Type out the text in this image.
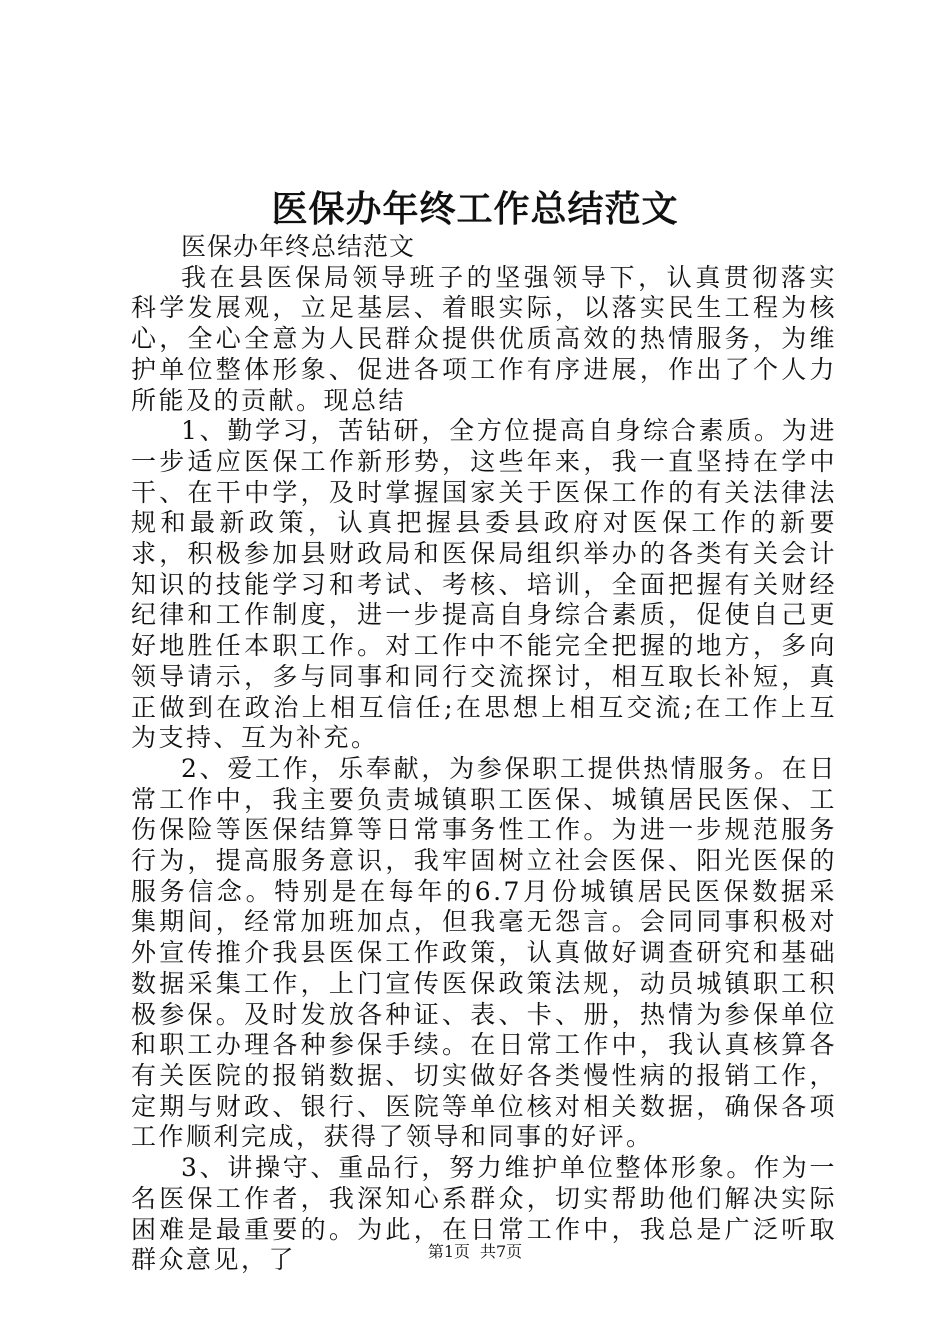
医保办年终工作总结范文

医保办年终总结范文

我在县医保局领导班子的坚强领导下，认真贯彻落实科学发展观，立足基层、着眼实际，以落实民生工程为核心，全心全意为人民群众提供优质高效的热情服务，为维护单位整体形象、促进各项工作有序进展，作出了个人力所能及的贡献。现总结

1、勤学习，苦钻研，全方位提高自身综合素质。为进一步适应医保工作新形势，这些年来，我一直坚持在学中干、在干中学，及时掌握国家关于医保工作的有关法律法规和最新政策，认真把握县委县政府对医保工作的新要求，积极参加县财政局和医保局组织举办的各类有关会计知识的技能学习和考试、考核、培训，全面把握有关财经纪律和工作制度，进一步提高自身综合素质，促使自己更好地胜任本职工作。对工作中不能完全把握的地方，多向领导请示，多与同事和同行交流探讨，相互取长补短，真正做到在政治上相互信任;在思想上相互交流;在工作上互为支持、互为补充。

2、爱工作，乐奉献，为参保职工提供热情服务。在日常工作中，我主要负责城镇职工医保、城镇居民医保、工伤保险等医保结算等日常事务性工作。为进一步规范服务行为，提高服务意识，我牢固树立社会医保、阳光医保的服务信念。特别是在每年的6.7月份城镇居民医保数据采集期间，经常加班加点，但我毫无怨言。会同同事积极对外宣传推介我县医保工作政策，认真做好调查研究和基础数据采集工作，上门宣传医保政策法规，动员城镇职工积极参保。及时发放各种证、表、卡、册，热情为参保单位和职工办理各种参保手续。在日常工作中，我认真核算各有关医院的报销数据、切实做好各类慢性病的报销工作，定期与财政、银行、医院等单位核对相关数据，确保各项工作顺利完成，获得了领导和同事的好评。

3、讲操守、重品行，努力维护单位整体形象。作为一名医保工作者，我深知心系群众，切实帮助他们解决实际困难是最重要的。为此，在日常工作中，我总是广泛听取群众意见，了	第1页 共7页
